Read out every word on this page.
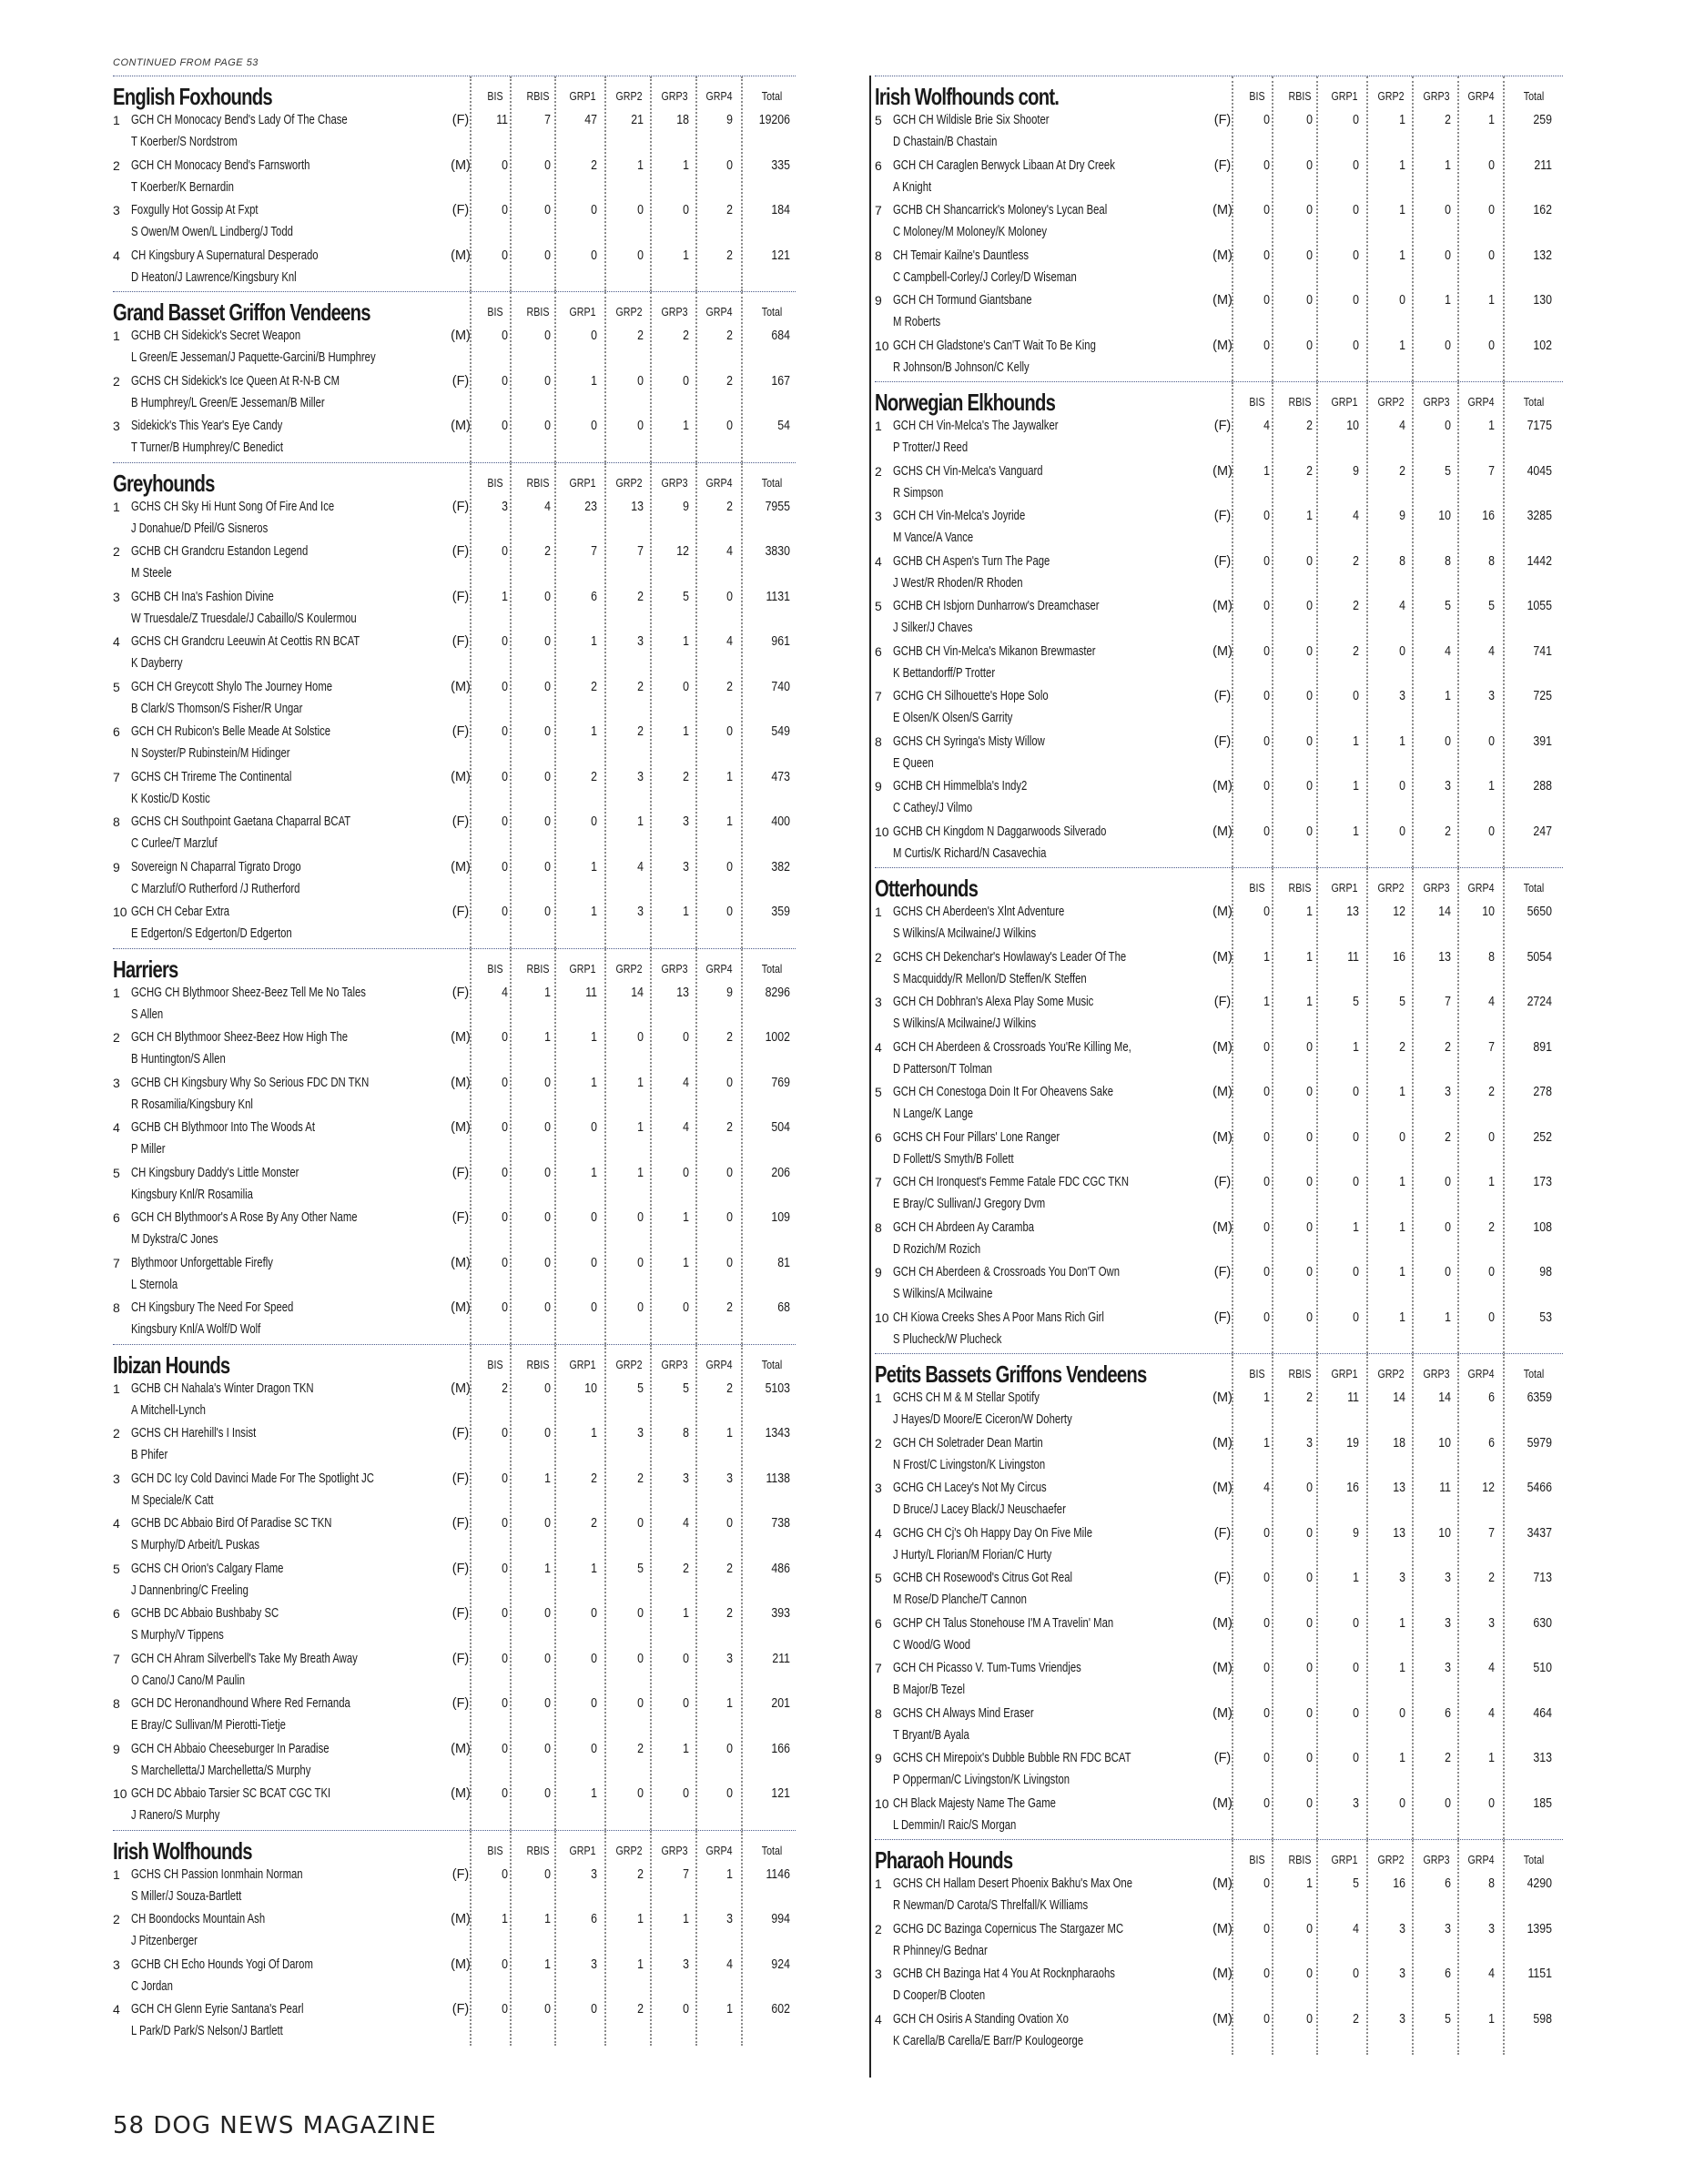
CONTINUED FROM PAGE 53
English Foxhounds	BIS	RBIS	GRP1 GRP2 GRP3 GRP4	Total
1 GCH CH Monocacy Bend's Lady Of The Chase
T Koerber/S Nordstrom
(F)	11	7	47	21	18	9	19206
2 GCH CH Monocacy Bend's Farnsworth
T Koerber/K Bernardin
(M)	0	0	2	1	1	0	335
3 Foxgully Hot Gossip At Fxpt
S Owen/M Owen/L Lindberg/J Todd
(F)	0	0	0	0	0	2	184
4 CH Kingsbury A Supernatural Desperado
D Heaton/J Lawrence/Kingsbury Knl
(M)	0	0	0	0	1	2	121
Grand Basset Griffon Vendeens	BIS	RBIS	GRP1 GRP2 GRP3 GRP4	Total
1 GCHB CH Sidekick's Secret Weapon
L Green/E Jesseman/J Paquette-Garcini/B Humphrey
(M)	0	0	0	2	2	2	684
2 GCHS CH Sidekick's Ice Queen At R-N-B CM
B Humphrey/L Green/E Jesseman/B Miller
(F)	0	0	1	0	0	2	167
3 Sidekick's This Year's Eye Candy
T Turner/B Humphrey/C Benedict
(M)	0	0	0	0	1	0	54
Greyhounds	BIS	RBIS	GRP1 GRP2 GRP3 GRP4	Total
1 GCHS CH Sky Hi Hunt Song Of Fire And Ice
J Donahue/D Pfeil/G Sisneros
(F)	3	4	23	13	9	2	7955
2 GCHB CH Grandcru Estandon Legend
M Steele
(F)	0	2	7	7	12	4	3830
3 GCHB CH Ina's Fashion Divine
W Truesdale/Z Truesdale/J Cabaillo/S Koulermou
(F)	1	0	6	2	5	0	1131
4 GCHS CH Grandcru Leeuwin At Ceottis RN BCAT
K Dayberry
(F)	0	0	1	3	1	4	961
5 GCH CH Greycott Shylo The Journey Home
B Clark/S Thomson/S Fisher/R Ungar
(M)	0	0	2	2	0	2	740
6 GCH CH Rubicon's Belle Meade At Solstice
N Soyster/P Rubinstein/M Hidinger
(F)	0	0	1	2	1	0	549
7 GCHS CH Trireme The Continental
K Kostic/D Kostic
(M)	0	0	2	3	2	1	473
8 GCHS CH Southpoint Gaetana Chaparral BCAT
C Curlee/T Marzluf
(F)	0	0	0	1	3	1	400
9 Sovereign N Chaparral Tigrato Drogo
C Marzluf/O Rutherford /J Rutherford
(M)	0	0	1	4	3	0	382
10 GCH CH Cebar Extra
E Edgerton/S Edgerton/D Edgerton
(F)	0	0	1	3	1	0	359
Harriers	BIS	RBIS	GRP1 GRP2 GRP3 GRP4	Total
1 GCHG CH Blythmoor Sheez-Beez Tell Me No Tales
S Allen
(F)	4	1	11	14	13	9	8296
2 GCH CH Blythmoor Sheez-Beez How High The
B Huntington/S Allen
(M)	0	1	1	0	0	2	1002
3 GCHB CH Kingsbury Why So Serious FDC DN TKN
R Rosamilia/Kingsbury Knl
(M)	0	0	1	1	4	0	769
4 GCHB CH Blythmoor Into The Woods At
P Miller
(M)	0	0	0	1	4	2	504
5 CH Kingsbury Daddy's Little Monster
Kingsbury Knl/R Rosamilia
(F)	0	0	1	1	0	0	206
6 GCH CH Blythmoor's A Rose By Any Other Name
M Dykstra/C Jones
(F)	0	0	0	0	1	0	109
7 Blythmoor Unforgettable Firefly
L Sternola
(M)	0	0	0	0	1	0	81
8 CH Kingsbury The Need For Speed
Kingsbury Knl/A Wolf/D Wolf
(M)	0	0	0	0	0	2	68
Ibizan Hounds	BIS	RBIS	GRP1 GRP2 GRP3 GRP4	Total
1 GCHB CH Nahala's Winter Dragon TKN
A Mitchell-Lynch
(M)	2	0	10	5	5	2	5103
2 GCHS CH Harehill's I Insist
B Phifer
(F)	0	0	1	3	8	1	1343
3 GCH DC Icy Cold Davinci Made For The Spotlight JC
M Speciale/K Catt
(F)	0	1	2	2	3	3	1138
4 GCHB DC Abbaio Bird Of Paradise SC TKN
S Murphy/D Arbeit/L Puskas
(F)	0	0	2	0	4	0	738
5 GCHS CH Orion's Calgary Flame
J Dannenbring/C Freeling
(F)	0	1	1	5	2	2	486
6 GCHB DC Abbaio Bushbaby SC
S Murphy/V Tippens
(F)	0	0	0	0	1	2	393
7 GCH CH Ahram Silverbell's Take My Breath Away
O Cano/J Cano/M Paulin
(F)	0	0	0	0	0	3	211
8 GCH DC Heronandhound Where Red Fernanda
E Bray/C Sullivan/M Pierotti-Tietje
(F)	0	0	0	0	0	1	201
9 GCH CH Abbaio Cheeseburger In Paradise
S Marchelletta/J Marchelletta/S Murphy
(M)	0	0	0	2	1	0	166
10 GCH DC Abbaio Tarsier SC BCAT CGC TKI
J Ranero/S Murphy
(M)	0	0	1	0	0	0	121
Irish Wolfhounds	BIS	RBIS	GRP1 GRP2 GRP3 GRP4	Total
1 GCHS CH Passion Ionmhain Norman
S Miller/J Souza-Bartlett
(F)	0	0	3	2	7	1	1146
2 CH Boondocks Mountain Ash
J Pitzenberger
(M)	1	1	6	1	1	3	994
3 GCHB CH Echo Hounds Yogi Of Darom
C Jordan
(M)	0	1	3	1	3	4	924
4 GCH CH Glenn Eyrie Santana's Pearl
L Park/D Park/S Nelson/J Bartlett
(F)	0	0	0	2	0	1	602
Irish Wolfhounds cont.	BIS	RBIS	GRP1 GRP2 GRP3 GRP4	Total
5 GCH CH Wildisle Brie Six Shooter
D Chastain/B Chastain
(F)	0	0	0	1	2	1	259
6 GCH CH Caraglen Berwyck Libaan At Dry Creek
A Knight
(F)	0	0	0	1	1	0	211
7 GCHB CH Shancarrick's Moloney's Lycan Beal
C Moloney/M Moloney/K Moloney
(M)	0	0	0	1	0	0	162
8 CH Temair Kailne's Dauntless
C Campbell-Corley/J Corley/D Wiseman
(M)	0	0	0	1	0	0	132
9 GCH CH Tormund Giantsbane
M Roberts
(M)	0	0	0	0	1	1	130
10 GCH CH Gladstone's Can'T Wait To Be King
R Johnson/B Johnson/C Kelly
(M)	0	0	0	1	0	0	102
Norwegian Elkhounds	BIS	RBIS	GRP1 GRP2 GRP3 GRP4	Total
1 GCH CH Vin-Melca's The Jaywalker
P Trotter/J Reed
(F)	4	2	10	4	0	1	7175
2 GCHS CH Vin-Melca's Vanguard
R Simpson
(M)	1	2	9	2	5	7	4045
3 GCH CH Vin-Melca's Joyride
M Vance/A Vance
(F)	0	1	4	9	10	16	3285
4 GCHB CH Aspen's Turn The Page
J West/R Rhoden/R Rhoden
(F)	0	0	2	8	8	8	1442
5 GCHB CH Isbjorn Dunharrow's Dreamchaser
J Silker/J Chaves
(M)	0	0	2	4	5	5	1055
6 GCHB CH Vin-Melca's Mikanon Brewmaster
K Bettandorff/P Trotter
(M)	0	0	2	0	4	4	741
7 GCHG CH Silhouette's Hope Solo
E Olsen/K Olsen/S Garrity
(F)	0	0	0	3	1	3	725
8 GCHS CH Syringa's Misty Willow
E Queen
(F)	0	0	1	1	0	0	391
9 GCHB CH Himmelbla's Indy2
C Cathey/J Vilmo
(M)	0	0	1	0	3	1	288
10 GCHB CH Kingdom N Daggarwoods Silverado
M Curtis/K Richard/N Casavechia
(M)	0	0	1	0	2	0	247
Otterhounds	BIS	RBIS	GRP1 GRP2 GRP3 GRP4	Total
1 GCHS CH Aberdeen's Xlnt Adventure
S Wilkins/A Mcilwaine/J Wilkins
(M)	0	1	13	12	14	10	5650
2 GCHS CH Dekenchar's Howlaway's Leader Of The
S Macquiddy/R Mellon/D Steffen/K Steffen
(M)	1	1	11	16	13	8	5054
3 GCH CH Dobhran's Alexa Play Some Music
S Wilkins/A Mcilwaine/J Wilkins
(F)	1	1	5	5	7	4	2724
4 GCH CH Aberdeen & Crossroads You'Re Killing Me,
D Patterson/T Tolman
(M)	0	0	1	2	2	7	891
5 GCH CH Conestoga Doin It For Oheavens Sake
N Lange/K Lange
(M)	0	0	0	1	3	2	278
6 GCHS CH Four Pillars' Lone Ranger
D Follett/S Smyth/B Follett
(M)	0	0	0	0	2	0	252
7 GCH CH Ironquest's Femme Fatale FDC CGC TKN
E Bray/C Sullivan/J Gregory Dvm
(F)	0	0	0	1	0	1	173
8 GCH CH Abrdeen Ay Caramba
D Rozich/M Rozich
(M)	0	0	1	1	0	2	108
9 GCH CH Aberdeen & Crossroads You Don'T Own
S Wilkins/A Mcilwaine
(F)	0	0	0	1	0	0	98
10 CH Kiowa Creeks Shes A Poor Mans Rich Girl
S Plucheck/W Plucheck
(F)	0	0	0	1	1	0	53
Petits Bassets Griffons Vendeens	BIS	RBIS	GRP1 GRP2 GRP3 GRP4	Total
1 GCHS CH M & M Stellar Spotify
J Hayes/D Moore/E Ciceron/W Doherty
(M)	1	2	11	14	14	6	6359
2 GCH CH Soletrader Dean Martin
N Frost/C Livingston/K Livingston
(M)	1	3	19	18	10	6	5979
3 GCHG CH Lacey's Not My Circus
D Bruce/J Lacey Black/J Neuschaefer
(M)	4	0	16	13	11	12	5466
4 GCHG CH Cj's Oh Happy Day On Five Mile
J Hurty/L Florian/M Florian/C Hurty
(F)	0	0	9	13	10	7	3437
5 GCHB CH Rosewood's Citrus Got Real
M Rose/D Planche/T Cannon
(F)	0	0	1	3	3	2	713
6 GCHP CH Talus Stonehouse I'M A Travelin' Man
C Wood/G Wood
(M)	0	0	0	1	3	3	630
7 GCH CH Picasso V. Tum-Tums Vriendjes
B Major/B Tezel
(M)	0	0	0	1	3	4	510
8 GCHS CH Always Mind Eraser
T Bryant/B Ayala
(M)	0	0	0	0	6	4	464
9 GCHS CH Mirepoix's Dubble Bubble RN FDC BCAT
P Opperman/C Livingston/K Livingston
(F)	0	0	0	1	2	1	313
10 CH Black Majesty Name The Game
L Demmin/I Raic/S Morgan
(M)	0	0	3	0	0	0	185
Pharaoh Hounds	BIS	RBIS	GRP1 GRP2 GRP3 GRP4	Total
1 GCHS CH Hallam Desert Phoenix Bakhu's Max One
R Newman/D Carota/S Threlfall/K Williams
(M)	0	1	5	16	6	8	4290
2 GCHG DC Bazinga Copernicus The Stargazer MC
R Phinney/G Bednar
(M)	0	0	4	3	3	3	1395
3 GCHB CH Bazinga Hat 4 You At Rocknpharaohs
D Cooper/B Clooten
(M)	0	0	0	3	6	4	1151
4 GCH CH Osiris A Standing Ovation Xo
K Carella/B Carella/E Barr/P Koulogeorge
(M)	0	0	2	3	5	1	598
58 DOG NEWS MAGAZINE
